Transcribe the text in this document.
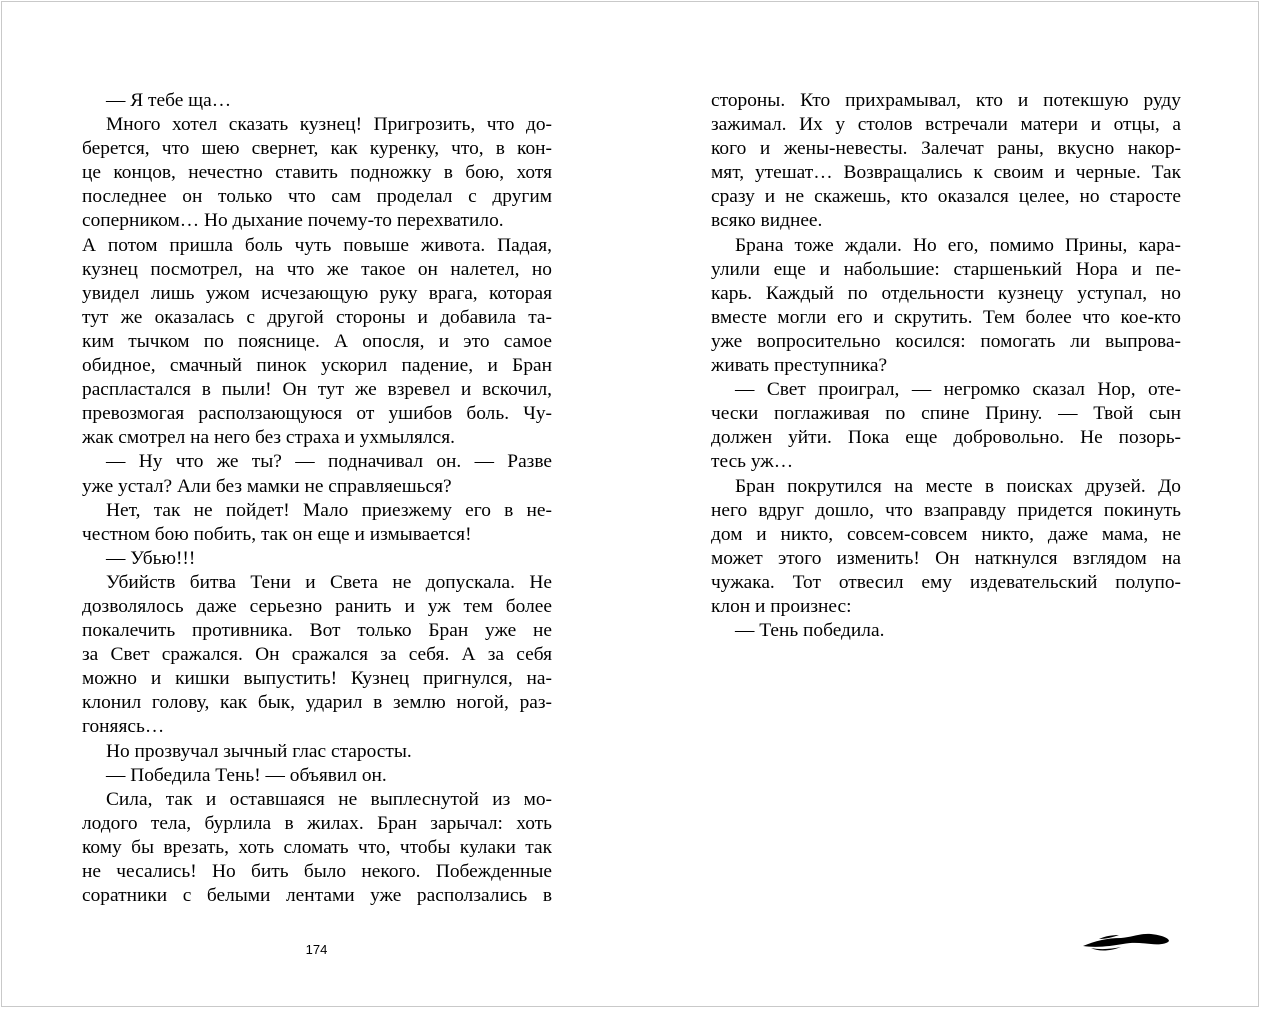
— Я тебе ща…
Много хотел сказать кузнец! Пригрозить, что до-
берется, что шею свернет, как куренку, что, в кон-
це концов, нечестно ставить подножку в бою, хотя
последнее он только что сам проделал с другим
соперником… Но дыхание почему-то перехватило.
А потом пришла боль чуть повыше живота. Падая,
кузнец посмотрел, на что же такое он налетел, но
увидел лишь ужом исчезающую руку врага, которая
тут же оказалась с другой стороны и добавила та-
ким тычком по пояснице. А опосля, и это самое
обидное, смачный пинок ускорил падение, и Бран
распластался в пыли! Он тут же взревел и вскочил,
превозмогая расползающуюся от ушибов боль. Чу-
жак смотрел на него без страха и ухмылялся.
— Ну что же ты? — подначивал он. — Разве
уже устал? Али без мамки не справляешься?
Нет, так не пойдет! Мало приезжему его в не-
честном бою побить, так он еще и измывается!
— Убью!!!
Убийств битва Тени и Света не допускала. Не
дозволялось даже серьезно ранить и уж тем более
покалечить противника. Вот только Бран уже не
за Свет сражался. Он сражался за себя. А за себя
можно и кишки выпустить! Кузнец пригнулся, на-
клонил голову, как бык, ударил в землю ногой, раз-
гоняясь…
Но прозвучал зычный глас старосты.
— Победила Тень! — объявил он.
Сила, так и оставшаяся не выплеснутой из мо-
лодого тела, бурлила в жилах. Бран зарычал: хоть
кому бы врезать, хоть сломать что, чтобы кулаки так
не чесались! Но бить было некого. Побежденные
соратники с белыми лентами уже расползались в
174
стороны. Кто прихрамывал, кто и потекшую руду
зажимал. Их у столов встречали матери и отцы, а
кого и жены-невесты. Залечат раны, вкусно накор-
мят, утешат… Возвращались к своим и черные. Так
сразу и не скажешь, кто оказался целее, но старосте
всяко виднее.
Брана тоже ждали. Но его, помимо Прины, кара-
улили еще и набольшие: старшенький Нора и пе-
карь. Каждый по отдельности кузнецу уступал, но
вместе могли его и скрутить. Тем более что кое-кто
уже вопросительно косился: помогать ли выпрова-
живать преступника?
— Свет проиграл, — негромко сказал Нор, оте-
чески поглаживая по спине Прину. — Твой сын
должен уйти. Пока еще добровольно. Не позорь-
тесь уж…
Бран покрутился на месте в поисках друзей. До
него вдруг дошло, что взаправду придется покинуть
дом и никто, совсем-совсем никто, даже мама, не
может этого изменить! Он наткнулся взглядом на
чужака. Тот отвесил ему издевательский полупо-
клон и произнес:
— Тень победила.
